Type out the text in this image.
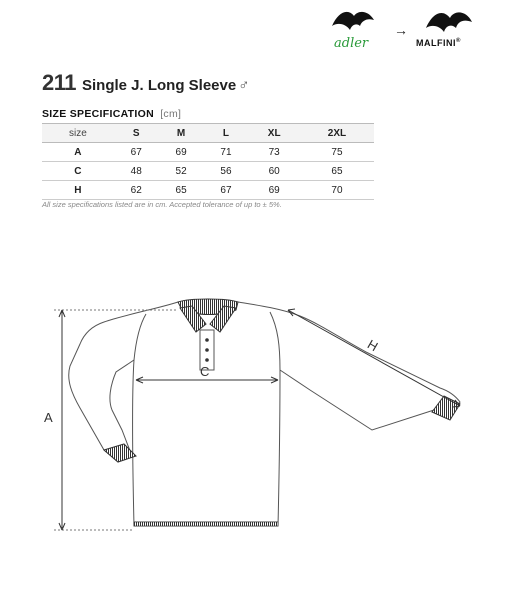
adler
→
MALFINI®
211 Single J. Long Sleeve ♂
SIZE SPECIFICATION [cm]
size	S	M	L	XL	2XL
A	67	69	71	73	75
C	48	52	56	60	65
H	62	65	67	69	70
All size specifications listed are in cm. Accepted tolerance of up to ± 5%.
A
C
H
